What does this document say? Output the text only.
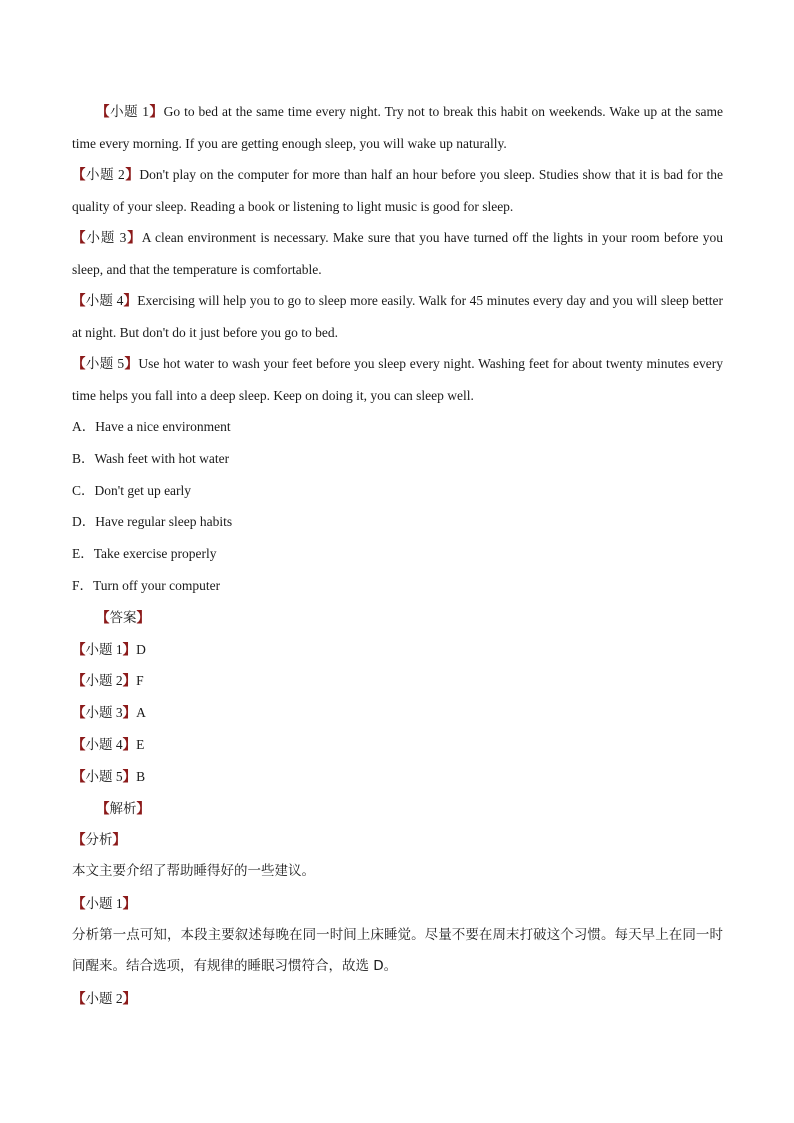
【小题 1】Go to bed at the same time every night. Try not to break this habit on weekends. Wake up at the same time every morning. If you are getting enough sleep, you will wake up naturally.

【小题 2】Don't play on the computer for more than half an hour before you sleep. Studies show that it is bad for the quality of your sleep. Reading a book or listening to light music is good for sleep.

【小题 3】A clean environment is necessary. Make sure that you have turned off the lights in your room before you sleep, and that the temperature is comfortable.

【小题 4】Exercising will help you to go to sleep more easily. Walk for 45 minutes every day and you will sleep better at night. But don't do it just before you go to bed.

【小题 5】Use hot water to wash your feet before you sleep every night. Washing feet for about twenty minutes every time helps you fall into a deep sleep. Keep on doing it, you can sleep well.

A．Have a nice environment

B．Wash feet with hot water

C．Don't get up early

D．Have regular sleep habits

E．Take exercise properly

F．Turn off your computer

【答案】

【小题 1】D

【小题 2】F

【小题 3】A

【小题 4】E

【小题 5】B

【解析】

【分析】

本文主要介绍了帮助睡得好的一些建议。

【小题 1】

分析第一点可知，本段主要叙述每晚在同一时间上床睡觉。尽量不要在周末打破这个习惯。每天早上在同一时间醒来。结合选项，有规律的睡眠习惯符合，故选 D。

【小题 2】
